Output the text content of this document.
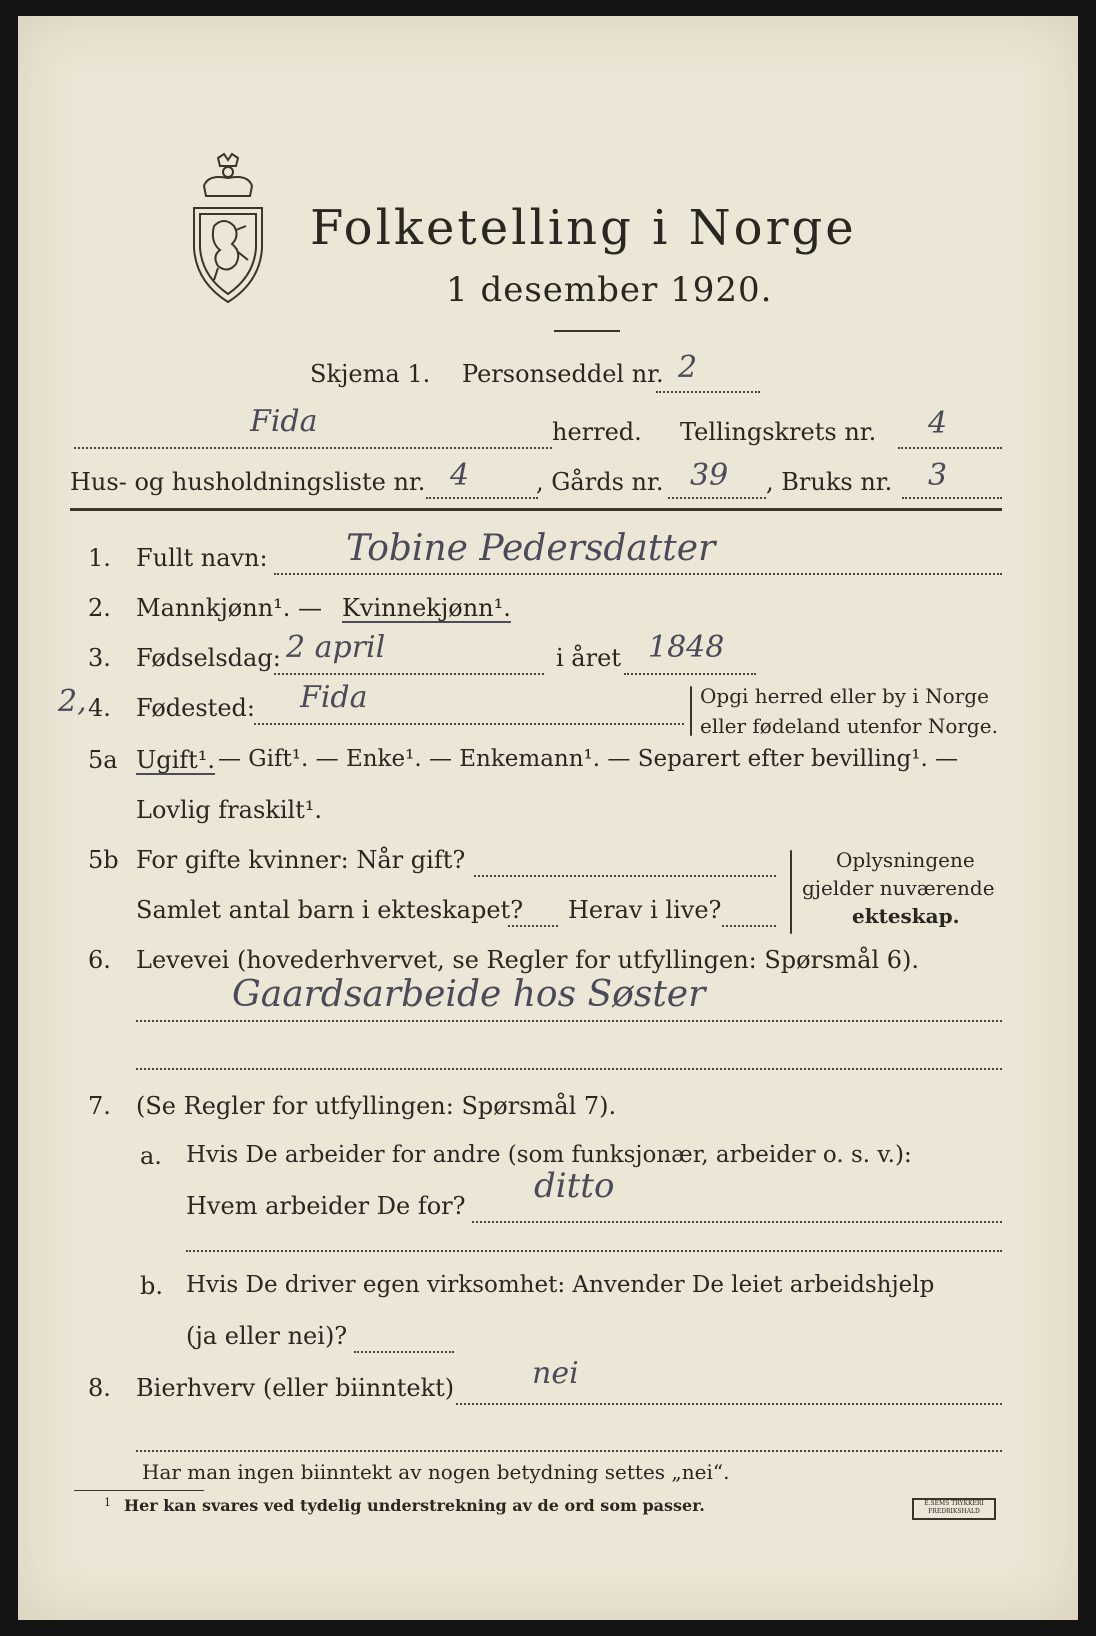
Folketelling i Norge
1 desember 1920.
Skjema 1. Personseddel nr. 2
Fida	herred. Tellingskrets nr. 4
Hus- og husholdningsliste nr. 4	, Gårds nr. 39 , Bruks nr. 3
1. Fullt navn: Tobine Pedersdatter
2. Mannkjønn¹. — Kvinnekjønn¹.
3. Fødselsdag: 2 april	i året 1848
2, 4. Fødested: Fida	Opgi herred eller by i Norge
eller fødeland utenfor Norge.
5a Ugift¹. — Gift¹. — Enke¹. — Enkemann¹. — Separert efter bevilling¹. —
Lovlig fraskilt¹.
5b For gifte kvinner: Når gift?
Samlet antal barn i ekteskapet? Herav i live?
Oplysningene
gjelder nuværende
ekteskap.
6. Levevei (hovederhvervet, se Regler for utfyllingen: Spørsmål 6).
Gaardsarbeide hos Søster
7. (Se Regler for utfyllingen: Spørsmål 7).
a. Hvis De arbeider for andre (som funksjonær, arbeider o. s. v.):
Hvem arbeider De for? ditto
b. Hvis De driver egen virksomhet: Anvender De leiet arbeidshjelp
(ja eller nei)?
8. Bierhverv (eller biinntekt)	nei
Har man ingen biinntekt av nogen betydning settes „nei“.
1 Her kan svares ved tydelig understrekning av de ord som passer.	E.SEMS TRYKKERI
FREDRIKSHALD
